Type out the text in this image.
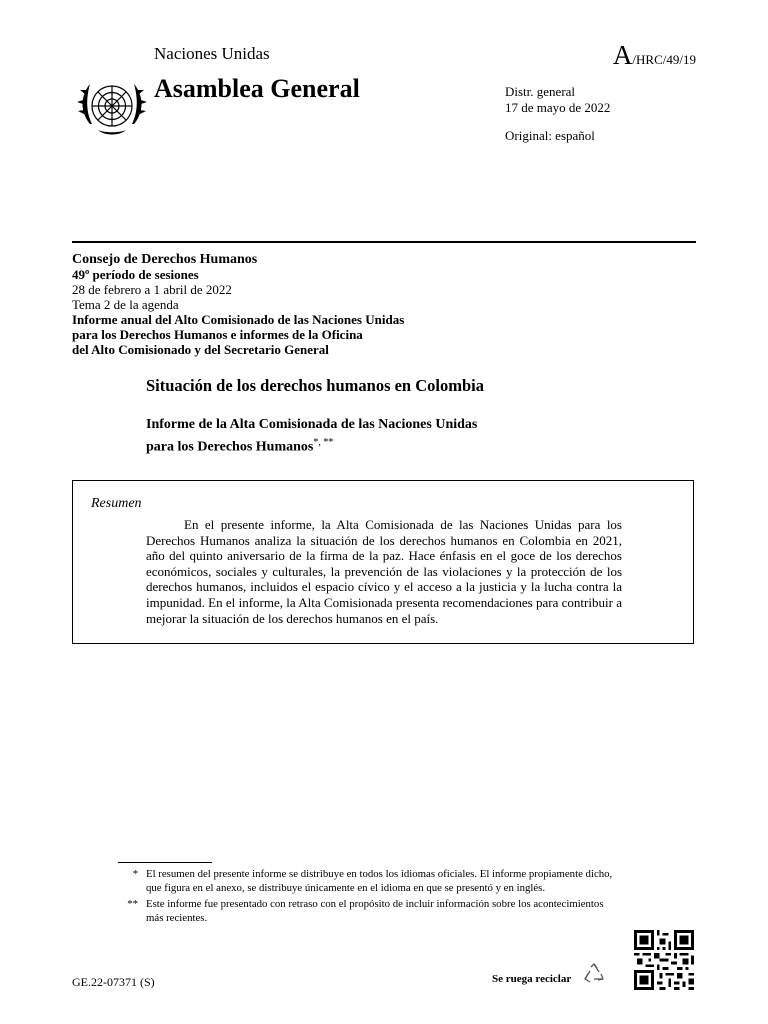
Naciones Unidas	A/HRC/49/19
Asamblea General	Distr. general
17 de mayo de 2022
Original: español
Consejo de Derechos Humanos
49º período de sesiones
28 de febrero a 1 abril de 2022
Tema 2 de la agenda
Informe anual del Alto Comisionado de las Naciones Unidas
para los Derechos Humanos e informes de la Oficina
del Alto Comisionado y del Secretario General
Situación de los derechos humanos en Colombia
Informe de la Alta Comisionada de las Naciones Unidas
para los Derechos Humanos*, **
Resumen
En el presente informe, la Alta Comisionada de las Naciones Unidas para los Derechos Humanos analiza la situación de los derechos humanos en Colombia en 2021, año del quinto aniversario de la firma de la paz. Hace énfasis en el goce de los derechos económicos, sociales y culturales, la prevención de las violaciones y la protección de los derechos humanos, incluidos el espacio cívico y el acceso a la justicia y la lucha contra la impunidad. En el informe, la Alta Comisionada presenta recomendaciones para contribuir a mejorar la situación de los derechos humanos en el país.
* El resumen del presente informe se distribuye en todos los idiomas oficiales. El informe propiamente dicho, que figura en el anexo, se distribuye únicamente en el idioma en que se presentó y en inglés.
** Este informe fue presentado con retraso con el propósito de incluir información sobre los acontecimientos más recientes.
GE.22-07371 (S)	Se ruega reciclar
